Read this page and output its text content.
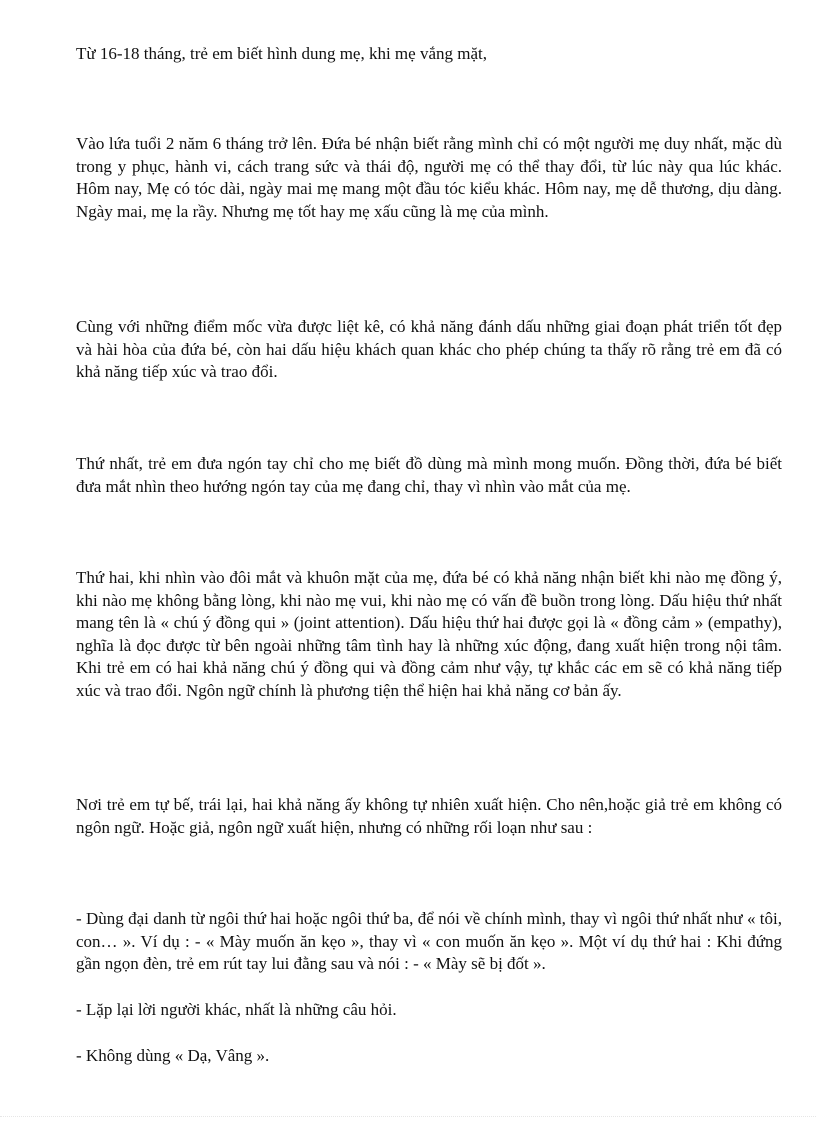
Từ 16-18 tháng, trẻ em biết hình dung mẹ, khi mẹ vắng mặt,

Vào lứa tuổi 2 năm 6 tháng trở lên. Đứa bé nhận biết rằng mình chỉ có một người mẹ duy nhất, mặc dù trong y phục, hành vi, cách trang sức và thái độ, người mẹ có thể thay đổi, từ lúc này qua lúc khác. Hôm nay, Mẹ có tóc dài, ngày mai mẹ mang một đầu tóc kiểu khác. Hôm nay, mẹ dễ thương, dịu dàng. Ngày mai, mẹ la rầy. Nhưng mẹ tốt hay mẹ xấu cũng là mẹ của mình.

Cùng với những điểm mốc vừa được liệt kê, có khả năng đánh dấu những giai đoạn phát triển tốt đẹp và hài hòa của đứa bé, còn hai dấu hiệu khách quan khác cho phép chúng ta thấy rõ rằng trẻ em đã có khả năng tiếp xúc và trao đổi.

Thứ nhất, trẻ em đưa ngón tay chỉ cho mẹ biết đồ dùng mà mình mong muốn. Đồng thời, đứa bé biết đưa mắt nhìn theo hướng ngón tay của mẹ đang chỉ, thay vì nhìn vào mắt của mẹ.

Thứ hai, khi nhìn vào đôi mắt và khuôn mặt của mẹ, đứa bé có khả năng nhận biết khi nào mẹ đồng ý, khi nào mẹ không bằng lòng, khi nào mẹ vui, khi nào mẹ có vấn đề buồn trong lòng. Dấu hiệu thứ nhất mang tên là « chú ý đồng qui » (joint attention). Dấu hiệu thứ hai được gọi là « đồng cảm » (empathy), nghĩa là đọc được từ bên ngoài những tâm tình hay là những xúc động, đang xuất hiện trong nội tâm. Khi trẻ em có hai khả năng chú ý đồng qui và đồng cảm như vậy, tự khắc các em sẽ có khả năng tiếp xúc và trao đổi. Ngôn ngữ chính là phương tiện thể hiện hai khả năng cơ bản ấy.

Nơi trẻ em tự bế, trái lại, hai khả năng ấy không tự nhiên xuất hiện. Cho nên,hoặc giả trẻ em không có ngôn ngữ. Hoặc giả, ngôn ngữ xuất hiện, nhưng có những rối loạn như sau :

- Dùng đại danh từ ngôi thứ hai hoặc ngôi thứ ba, để nói về chính mình, thay vì ngôi thứ nhất như « tôi, con… ». Ví dụ : - « Mày muốn ăn kẹo », thay vì « con muốn ăn kẹo ». Một ví dụ thứ hai : Khi đứng gần ngọn đèn, trẻ em rút tay lui đằng sau và nói : - « Mày sẽ bị đốt ».

- Lặp lại lời người khác, nhất là những câu hỏi.

- Không dùng « Dạ, Vâng ».
